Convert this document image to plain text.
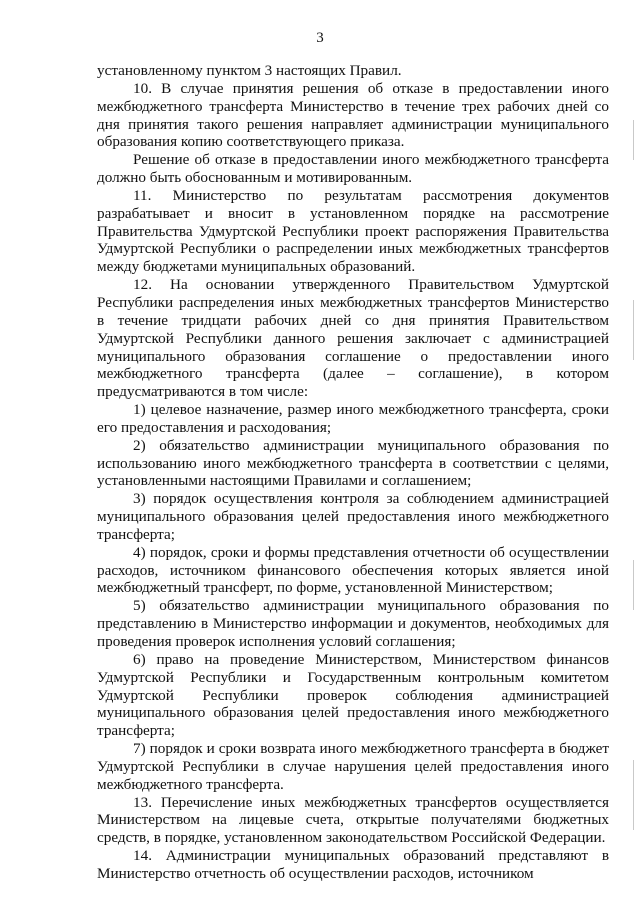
3

установленному пунктом 3 настоящих Правил.

10. В случае принятия решения об отказе в предоставлении иного межбюджетного трансферта Министерство в течение трех рабочих дней со дня принятия такого решения направляет администрации муниципального образования копию соответствующего приказа.

Решение об отказе в предоставлении иного межбюджетного трансферта должно быть обоснованным и мотивированным.

11. Министерство по результатам рассмотрения документов разрабатывает и вносит в установленном порядке на рассмотрение Правительства Удмуртской Республики проект распоряжения Правительства Удмуртской Республики о распределении иных межбюджетных трансфертов между бюджетами муниципальных образований.

12. На основании утвержденного Правительством Удмуртской Республики распределения иных межбюджетных трансфертов Министерство в течение тридцати рабочих дней со дня принятия Правительством Удмуртской Республики данного решения заключает с администрацией муниципального образования соглашение о предоставлении иного межбюджетного трансферта (далее – соглашение), в котором предусматриваются в том числе:

1) целевое назначение, размер иного межбюджетного трансферта, сроки его предоставления и расходования;

2) обязательство администрации муниципального образования по использованию иного межбюджетного трансферта в соответствии с целями, установленными настоящими Правилами и соглашением;

3) порядок осуществления контроля за соблюдением администрацией муниципального образования целей предоставления иного межбюджетного трансферта;

4) порядок, сроки и формы представления отчетности об осуществлении расходов, источником финансового обеспечения которых является иной межбюджетный трансферт, по форме, установленной Министерством;

5) обязательство администрации муниципального образования по представлению в Министерство информации и документов, необходимых для проведения проверок исполнения условий соглашения;

6) право на проведение Министерством, Министерством финансов Удмуртской Республики и Государственным контрольным комитетом Удмуртской Республики проверок соблюдения администрацией муниципального образования целей предоставления иного межбюджетного трансферта;

7) порядок и сроки возврата иного межбюджетного трансферта в бюджет Удмуртской Республики в случае нарушения целей предоставления иного межбюджетного трансферта.

13. Перечисление иных межбюджетных трансфертов осуществляется Министерством на лицевые счета, открытые получателями бюджетных средств, в порядке, установленном законодательством Российской Федерации.

14. Администрации муниципальных образований представляют в Министерство отчетность об осуществлении расходов, источником
